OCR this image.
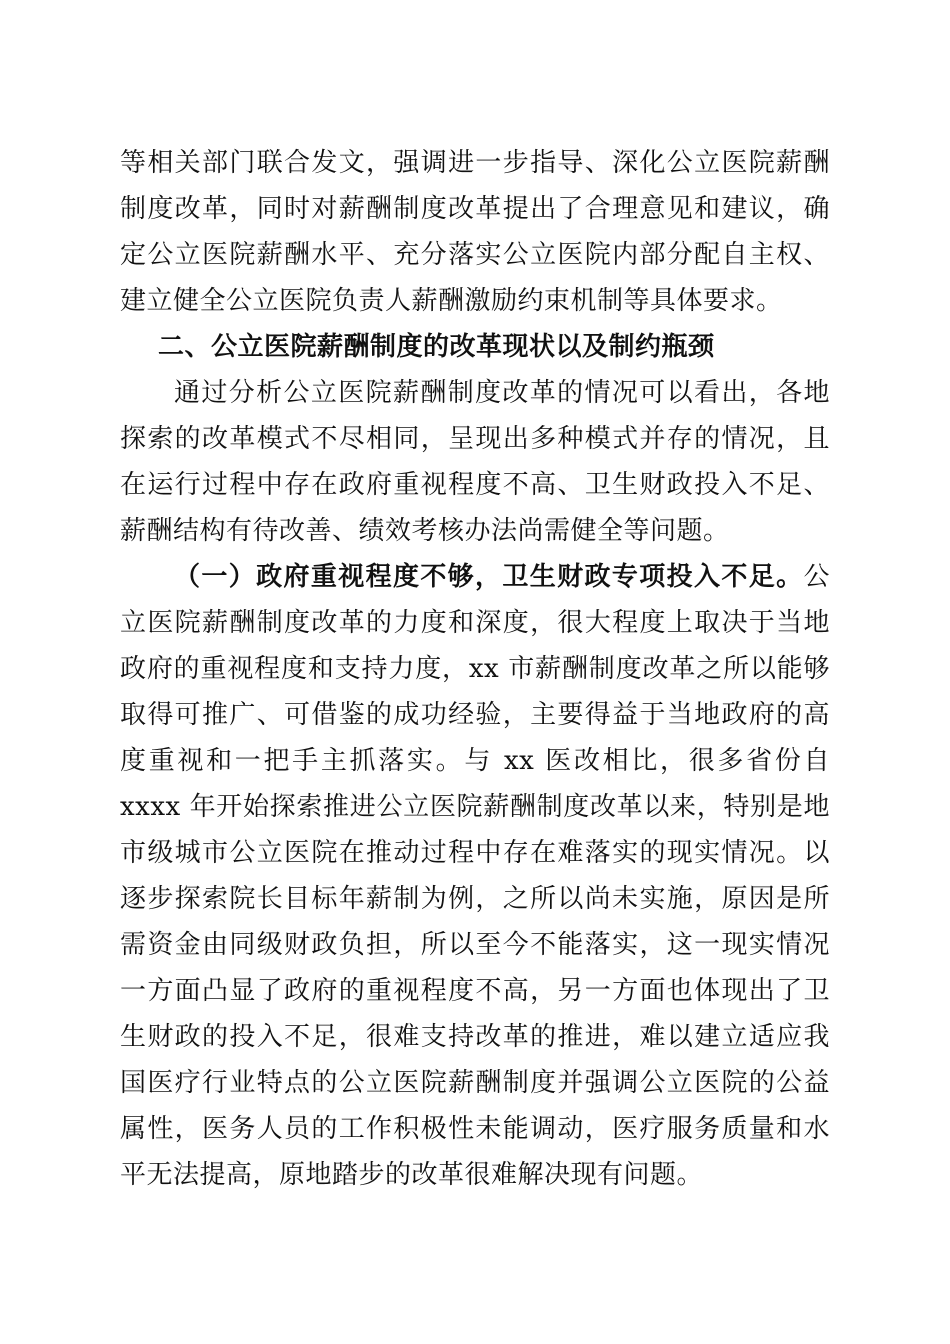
等相关部门联合发文，强调进一步指导、深化公立医院薪酬制度改革，同时对薪酬制度改革提出了合理意见和建议，确定公立医院薪酬水平、充分落实公立医院内部分配自主权、建立健全公立医院负责人薪酬激励约束机制等具体要求。

二、公立医院薪酬制度的改革现状以及制约瓶颈

通过分析公立医院薪酬制度改革的情况可以看出，各地探索的改革模式不尽相同，呈现出多种模式并存的情况，且在运行过程中存在政府重视程度不高、卫生财政投入不足、薪酬结构有待改善、绩效考核办法尚需健全等问题。

（一）政府重视程度不够，卫生财政专项投入不足。公立医院薪酬制度改革的力度和深度，很大程度上取决于当地政府的重视程度和支持力度，xx 市薪酬制度改革之所以能够取得可推广、可借鉴的成功经验，主要得益于当地政府的高度重视和一把手主抓落实。与 xx 医改相比，很多省份自 xxxx 年开始探索推进公立医院薪酬制度改革以来，特别是地市级城市公立医院在推动过程中存在难落实的现实情况。以逐步探索院长目标年薪制为例，之所以尚未实施，原因是所需资金由同级财政负担，所以至今不能落实，这一现实情况一方面凸显了政府的重视程度不高，另一方面也体现出了卫生财政的投入不足，很难支持改革的推进，难以建立适应我国医疗行业特点的公立医院薪酬制度并强调公立医院的公益属性，医务人员的工作积极性未能调动，医疗服务质量和水平无法提高，原地踏步的改革很难解决现有问题。
